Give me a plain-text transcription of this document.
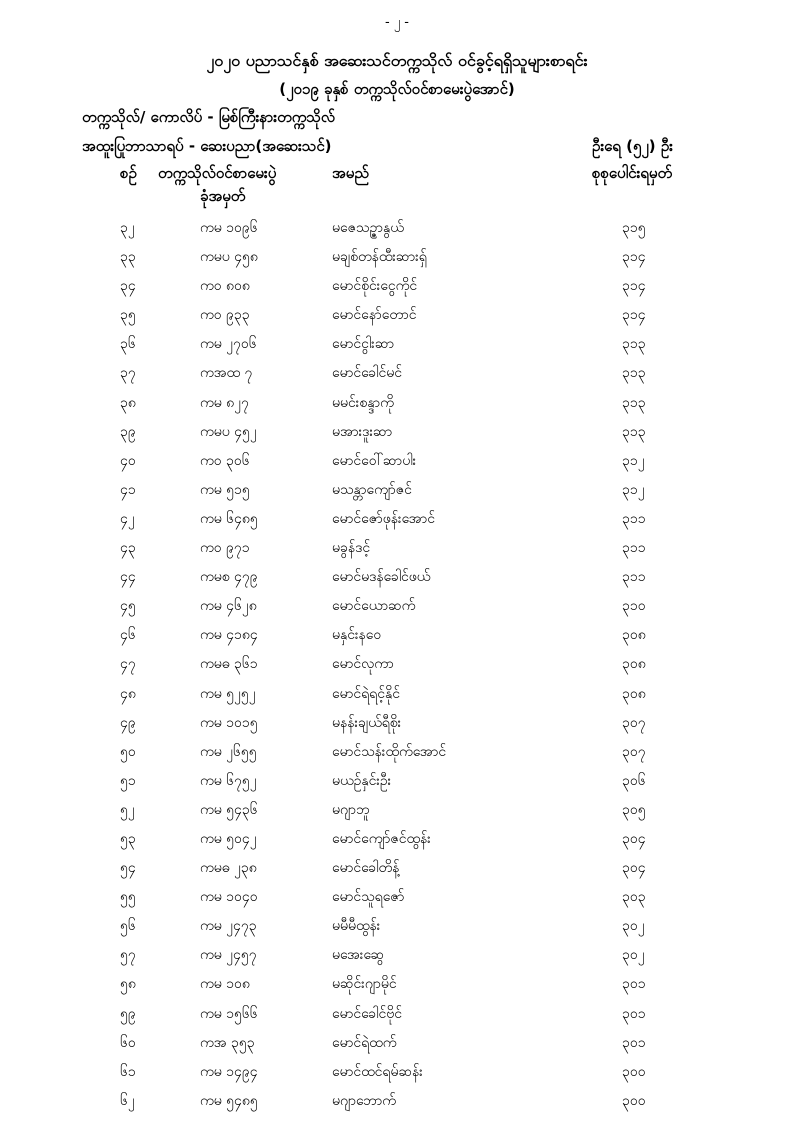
- ၂ -
၂၀၂၀ ပညာသင်နှစ် အဆေးသင်တက္ကသိုလ် ဝင်ခွင့်ရရှိသူများစာရင်း
(၂၀၁၉ ခုနှစ် တက္ကသိုလ်ဝင်စာမေးပွဲအောင်)
တက္ကသိုလ်/ ကောလိပ် - မြစ်ကြီးနားတက္ကသိုလ်
အထူးပြုဘာသာရပ် - ဆေးပညာ(အဆေးသင်)	ဦးရေ (၅၂) ဦး
စဉ် တက္ကသိုလ်ဝင်စာမေးပွဲ
ခုံအမှတ်
အမည်	စုစုပေါင်းရမှတ်
၃၂	ကမ ၁၀၉၆	မဇေသဥ္ဇာနွယ်	၃၁၅
၃၃	ကမပ ၄၅၈	မချစ်တန်ထီးဆားရှ်	၃၁၄
၃၄	ကဝ ၈၀၈	မောင်စိုင်းငွေကိုင်	၃၁၄
၃၅	ကဝ ၉၃၃	မောင်နော်တောင်	၃၁၄
၃၆	ကမ ၂၇၀၆	မောင်ငွါးဆာ	၃၁၃
၃၇	ကအထ ၇	မောင်ခေါင်မင်	၃၁၃
၃၈	ကမ ၈၂၇	မမင်းစန္ဒာကို	၃၁၃
၃၉	ကမပ ၄၅၂	မအားဒူးဆာ	၃၁၃
၄၀	ကဝ ၃၀၆	မောင်ဝေါ်ဆာပါး	၃၁၂
၄၁	ကမ ၅၁၅	မသန္တာကျော်ဇင်	၃၁၂
၄၂	ကမ ၆၄၈၅	မောင်ဇော်ဖုန်းအောင်	၃၁၁
၄၃	ကဝ ၉၇၁	မခွန်ဒင့်	၃၁၁
၄၄	ကမစ ၄၇၉	မောင်မဒန်ခေါင်ဖယ်	၃၁၁
၄၅	ကမ ၄၆၂၈	မောင်ယောဆက်	၃၁၀
၄၆	ကမ ၄၁၈၄	မနှင်းနဝေ	၃၀၈
၄၇	ကမဓ ၃၆၁	မောင်လုကာ	၃၀၈
၄၈	ကမ ၅၂၅၂	မောင်ရဲရင့်နိုင်	၃၀၈
၄၉	ကမ ၁၀၁၅	မနန်းချယ်ရီစိုး	၃၀၇
၅၀	ကမ ၂၆၅၅	မောင်သန်းထိုက်အောင်	၃၀၇
၅၁	ကမ ၆၇၅၂	မယဉ်နှင်းဦး	၃၀၆
၅၂	ကမ ၅၄၃၆	မဂျာဘူ	၃၀၅
၅၃	ကမ ၅၀၄၂	မောင်ကျော်ဇင်ထွန်း	၃၀၄
၅၄	ကမဓ ၂၃၈	မောင်ခေါတိန့်	၃၀၄
၅၅	ကမ ၁၀၄၀	မောင်သူရဇော်	၃၀၃
၅၆	ကမ ၂၄၇၃	မမီမီထွန်း	၃၀၂
၅၇	ကမ ၂၄၅၇	မအေးဆွေ	၃၀၂
၅၈	ကမ ၁၀၈	မဆိုင်းဂျာမိုင်	၃၀၁
၅၉	ကမ ၁၅၆၆	မောင်ခေါင်ဗိုင်	၃၀၁
၆၀	ကအ ၃၅၃	မောင်ရဲထက်	၃၀၁
၆၁	ကမ ၁၄၉၄	မောင်ထင်ရမ်ဆန်း	၃၀၀
၆၂	ကမ ၅၄၈၅	မဂျာဘောက်	၃၀၀
